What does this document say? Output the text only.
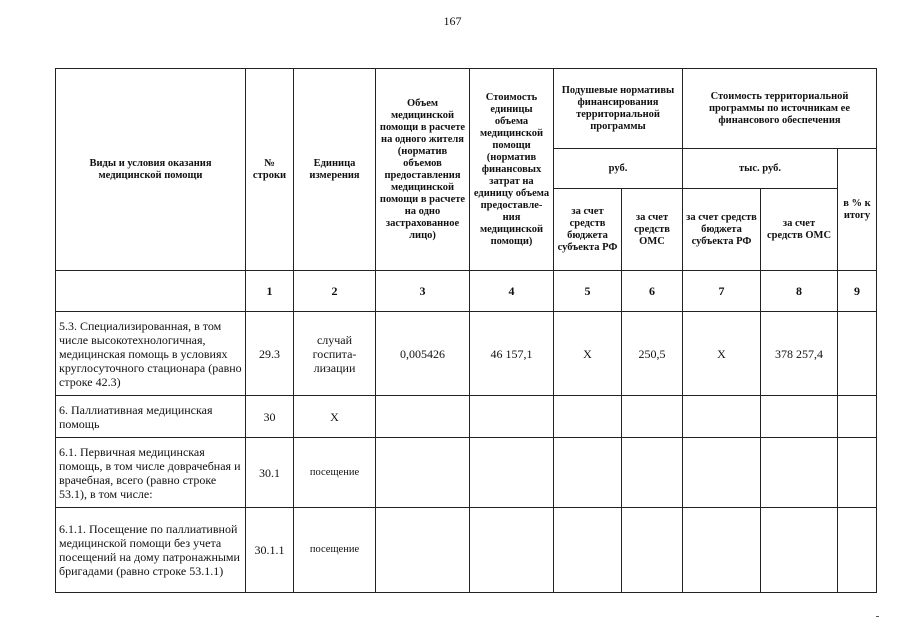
167
Виды и условия оказания медицинской помощи	№ строки	Единица измерения	Объем медицинской помощи в расчете на одного жителя (норматив объемов предоставления медицинской помощи в расчете на одно застрахованное лицо)	Стоимость единицы объема медицинской помощи (норматив финансовых затрат на единицу объема предоставле-ния медицинской помощи)	Подушевые нормативы финансирования территориальной программы		Стоимость территориальной программы по источникам ее финансового обеспечения		
					руб.		тыс. руб.		в % к итогу
					за счет средств бюджета субъекта РФ	за счет средств ОМС	за счет средств бюджета субъекта РФ	за счет средств ОМС	
	1	2	3	4	5	6	7	8	9
5.3. Специализированная, в том числе высокотехнологичная, медицинская помощь в условиях круглосуточного стационара (равно строке 42.3)	29.3	случай госпита-лизации	0,005426	46 157,1	Х	250,5	Х	378 257,4	
6. Паллиативная медицинская помощь	30	Х							
6.1. Первичная медицинская помощь, в том числе доврачебная и врачебная, всего (равно строке 53.1), в том числе:	30.1	посещение							
6.1.1. Посещение по паллиативной медицинской помощи без учета посещений на дому патронажными бригадами (равно строке 53.1.1)	30.1.1	посещение							
